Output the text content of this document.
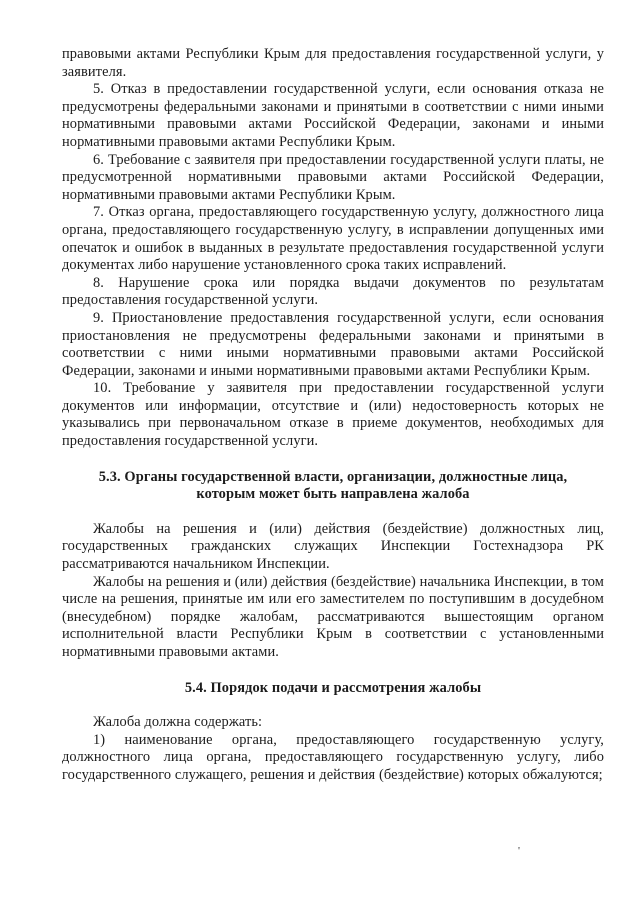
правовыми актами Республики Крым для предоставления государственной услуги, у заявителя.

5. Отказ в предоставлении государственной услуги, если основания отказа не предусмотрены федеральными законами и принятыми в соответствии с ними иными нормативными правовыми актами Российской Федерации, законами и иными нормативными правовыми актами Республики Крым.

6. Требование с заявителя при предоставлении государственной услуги платы, не предусмотренной нормативными правовыми актами Российской Федерации, нормативными правовыми актами Республики Крым.

7. Отказ органа, предоставляющего государственную услугу, должностного лица органа, предоставляющего государственную услугу, в исправлении допущенных ими опечаток и ошибок в выданных в результате предоставления государственной услуги документах либо нарушение установленного срока таких исправлений.

8. Нарушение срока или порядка выдачи документов по результатам предоставления государственной услуги.

9. Приостановление предоставления государственной услуги, если основания приостановления не предусмотрены федеральными законами и принятыми в соответствии с ними иными нормативными правовыми актами Российской Федерации, законами и иными нормативными правовыми актами Республики Крым.

10. Требование у заявителя при предоставлении государственной услуги документов или информации, отсутствие и (или) недостоверность которых не указывались при первоначальном отказе в приеме документов, необходимых для предоставления государственной услуги.

5.3. Органы государственной власти, организации, должностные лица,

которым может быть направлена жалоба

Жалобы на решения и (или) действия (бездействие) должностных лиц, государственных гражданских служащих Инспекции Гостехнадзора РК рассматриваются начальником Инспекции.

Жалобы на решения и (или) действия (бездействие) начальника Инспекции, в том числе на решения, принятые им или его заместителем по поступившим в досудебном (внесудебном) порядке жалобам, рассматриваются вышестоящим органом исполнительной власти Республики Крым в соответствии с установленными нормативными правовыми актами.

5.4. Порядок подачи и рассмотрения жалобы

Жалоба должна содержать:

1) наименование органа, предоставляющего государственную услугу, должностного лица органа, предоставляющего государственную услугу, либо государственного служащего, решения и действия (бездействие) которых обжалуются;

'
